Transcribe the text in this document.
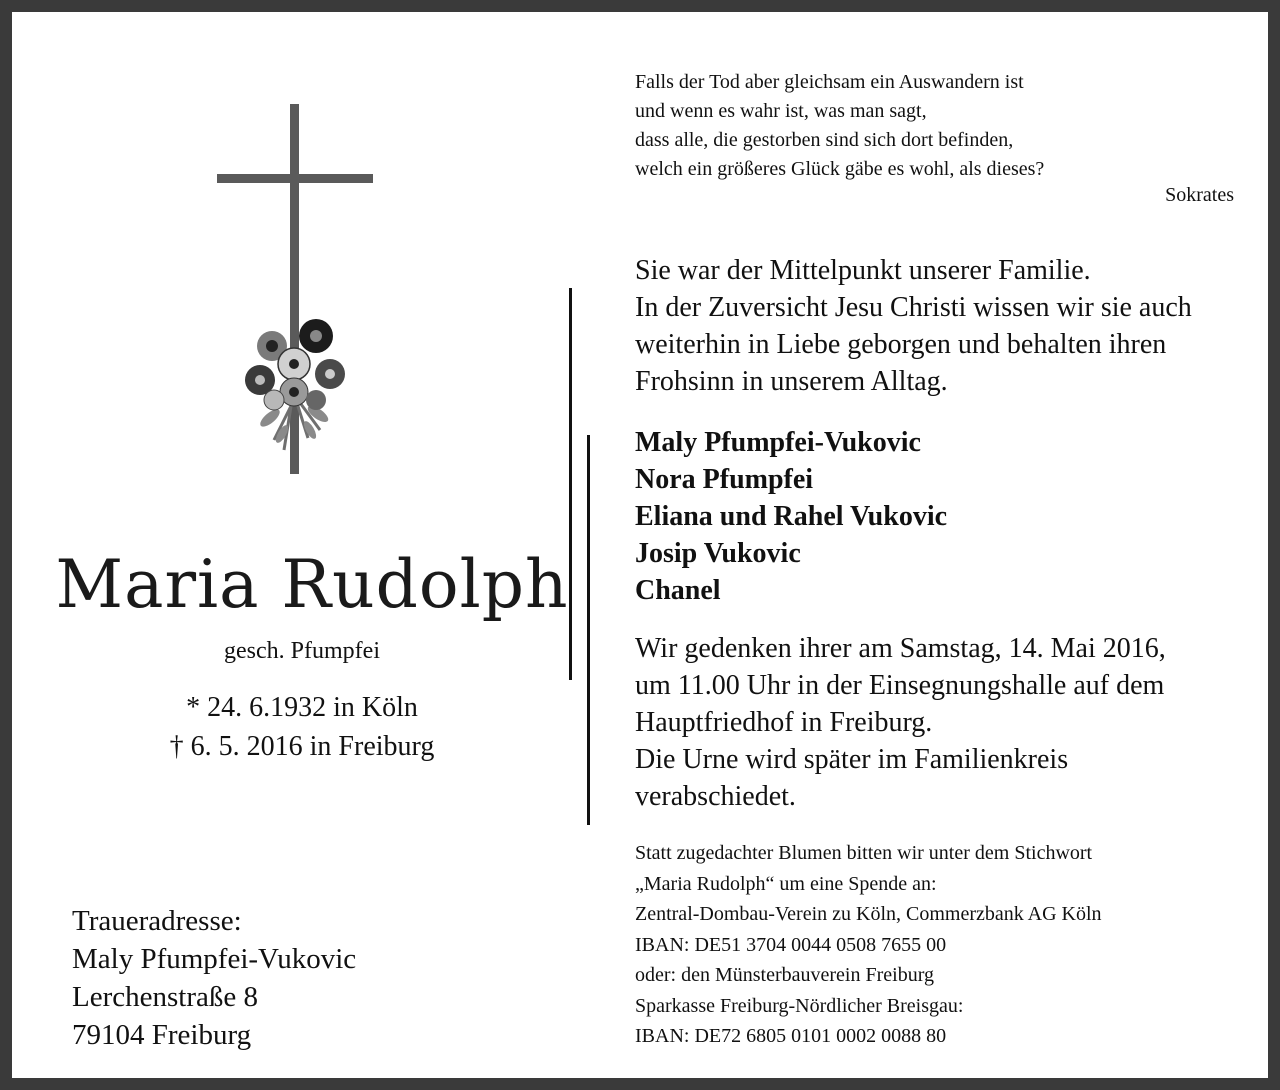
Maria Rudolph
gesch. Pfumpfei
* 24. 6.1932 in Köln
† 6. 5. 2016 in Freiburg
Traueradresse:
Maly Pfumpfei-Vukovic
Lerchenstraße 8
79104 Freiburg
Falls der Tod aber gleichsam ein Auswandern ist
und wenn es wahr ist, was man sagt,
dass alle, die gestorben sind sich dort befinden,
welch ein größeres Glück gäbe es wohl, als dieses?
Sokrates
Sie war der Mittelpunkt unserer Familie.
In der Zuversicht Jesu Christi wissen wir sie auch
weiterhin in Liebe geborgen und behalten ihren
Frohsinn in unserem Alltag.
Maly Pfumpfei-Vukovic
Nora Pfumpfei
Eliana und Rahel Vukovic
Josip Vukovic
Chanel
Wir gedenken ihrer am Samstag, 14. Mai 2016,
um 11.00 Uhr in der Einsegnungshalle auf dem
Hauptfriedhof in Freiburg.
Die Urne wird später im Familienkreis
verabschiedet.
Statt zugedachter Blumen bitten wir unter dem Stichwort
„Maria Rudolph“ um eine Spende an:
Zentral-Dombau-Verein zu Köln, Commerzbank AG Köln
IBAN: DE51 3704 0044 0508 7655 00
oder: den Münsterbauverein Freiburg
Sparkasse Freiburg-Nördlicher Breisgau:
IBAN: DE72 6805 0101 0002 0088 80
